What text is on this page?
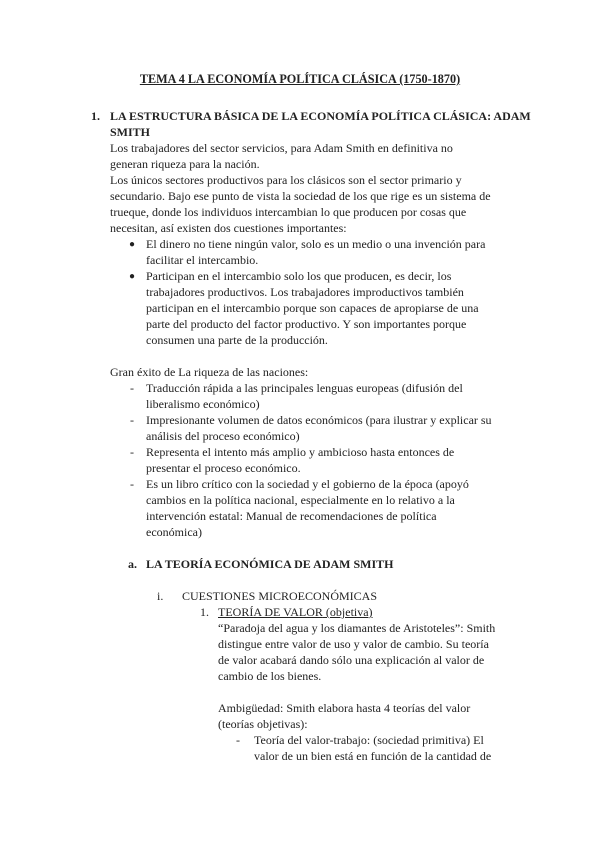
TEMA 4 LA ECONOMÍA POLÍTICA CLÁSICA (1750-1870)
1. LA ESTRUCTURA BÁSICA DE LA ECONOMÍA POLÍTICA CLÁSICA: ADAM
SMITH
Los trabajadores del sector servicios, para Adam Smith en definitiva no
generan riqueza para la nación.
Los únicos sectores productivos para los clásicos son el sector primario y
secundario. Bajo ese punto de vista la sociedad de los que rige es un sistema de
trueque, donde los individuos intercambian lo que producen por cosas que
necesitan, así existen dos cuestiones importantes:
● El dinero no tiene ningún valor, solo es un medio o una invención para
facilitar el intercambio.
● Participan en el intercambio solo los que producen, es decir, los
trabajadores productivos. Los trabajadores improductivos también
participan en el intercambio porque son capaces de apropiarse de una
parte del producto del factor productivo. Y son importantes porque
consumen una parte de la producción.
Gran éxito de La riqueza de las naciones:
- Traducción rápida a las principales lenguas europeas (difusión del
liberalismo económico)
- Impresionante volumen de datos económicos (para ilustrar y explicar su
análisis del proceso económico)
- Representa el intento más amplio y ambicioso hasta entonces de
presentar el proceso económico.
- Es un libro crítico con la sociedad y el gobierno de la época (apoyó
cambios en la política nacional, especialmente en lo relativo a la
intervención estatal: Manual de recomendaciones de política
económica)
a. LA TEORÍA ECONÓMICA DE ADAM SMITH
i. CUESTIONES MICROECONÓMICAS
1. TEORÍA DE VALOR (objetiva)
“Paradoja del agua y los diamantes de Aristoteles”: Smith
distingue entre valor de uso y valor de cambio. Su teoría
de valor acabará dando sólo una explicación al valor de
cambio de los bienes.
Ambigüedad: Smith elabora hasta 4 teorías del valor
(teorías objetivas):
- Teoría del valor-trabajo: (sociedad primitiva) El
valor de un bien está en función de la cantidad de
